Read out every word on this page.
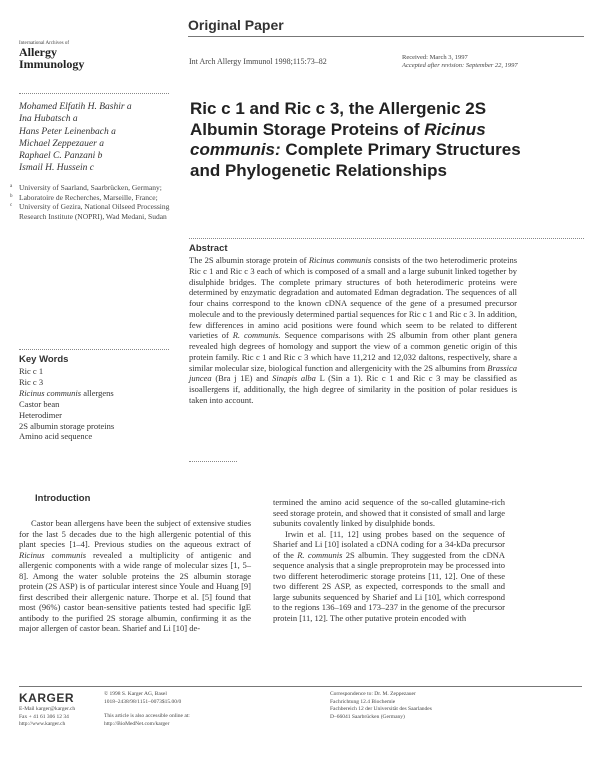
Original Paper
International Archives of
Allergy
Immunology	Int Arch Allergy Immunol 1998;115:73–82	Received: March 3, 1997
Accepted after revision: September 22, 1997
Mohamed Elfatih H. Bashir a
Ina Hubatsch a
Hans Peter Leinenbach a
Michael Zeppezauer a
Raphael C. Panzani b
Ismail H. Hussein c
a University of Saarland, Saarbrücken, Germany;
b Laboratoire de Recherches, Marseille, France;
c University of Gezira, National Oilseed Processing Research Institute (NOPRI), Wad Medani, Sudan
Ric c 1 and Ric c 3, the Allergenic 2S Albumin Storage Proteins of Ricinus communis: Complete Primary Structures and Phylogenetic Relationships
Abstract
The 2S albumin storage protein of Ricinus communis consists of the two heterodimeric proteins Ric c 1 and Ric c 3 each of which is composed of a small and a large subunit linked together by disulphide bridges. The complete primary structures of both heterodimeric proteins were determined by enzymatic degradation and automated Edman degradation. The sequences of all four chains correspond to the known cDNA sequence of the gene of a presumed precursor molecule and to the previously determined partial sequences for Ric c 1 and Ric c 3. In addition, few differences in amino acid positions were found which seem to be related to different varieties of R. communis. Sequence comparisons with 2S albumin from other plant genera revealed high degrees of homology and support the view of a common genetic origin of this protein family. Ric c 1 and Ric c 3 which have 11,212 and 12,032 daltons, respectively, share a similar molecular size, biological function and allergenicity with the 2S albumins from Brassica juncea (Bra j 1E) and Sinapis alba L (Sin a 1). Ric c 1 and Ric c 3 may be classified as isoallergens if, additionally, the high degree of similarity in the position of polar residues is taken into account.
Key Words
Ric c 1
Ric c 3
Ricinus communis allergens
Castor bean
Heterodimer
2S albumin storage proteins
Amino acid sequence
Introduction

Castor bean allergens have been the subject of extensive studies for the last 5 decades due to the high allergenic potential of this plant species [1–4]. Previous studies on the aqueous extract of Ricinus communis revealed a multiplicity of antigenic and allergenic components with a wide range of molecular sizes [1, 5–8]. Among the water soluble proteins the 2S albumin storage protein (2S ASP) is of particular interest since Youle and Huang [9] first described their allergenic nature. Thorpe et al. [5] found that most (96%) castor bean-sensitive patients tested had specific IgE antibody to the purified 2S storage albumin, confirming it as the major allergen of castor bean. Sharief and Li [10] de-

termined the amino acid sequence of the so-called glutamine-rich seed storage protein, and showed that it consisted of small and large subunits covalently linked by disulphide bonds.

Irwin et al. [11, 12] using probes based on the sequence of Sharief and Li [10] isolated a cDNA coding for a 34-kDa precursor of the R. communis 2S albumin. They suggested from the cDNA sequence analysis that a single preproprotein may be processed into two different heterodimeric storage proteins [11, 12]. One of these two different 2S ASP, as expected, corresponds to the small and large subunits sequenced by Sharief and Li [10], which correspond to the regions 136–169 and 173–237 in the genome of the precursor protein [11, 12]. The other putative protein encoded with

KARGER
E-Mail karger@karger.ch
Fax + 41 61 306 12 34
http://www.karger.ch
© 1998 S. Karger AG, Basel
1018–2438/98/1151–0073$15.00/0
This article is also accessible online at:
http://BioMedNet.com/karger
Correspondence to: Dr. M. Zeppezauer
Fachrichtung 12.4 Biochemie
Fachbereich 12 der Universität des Saarlandes
D–66041 Saarbrücken (Germany)
